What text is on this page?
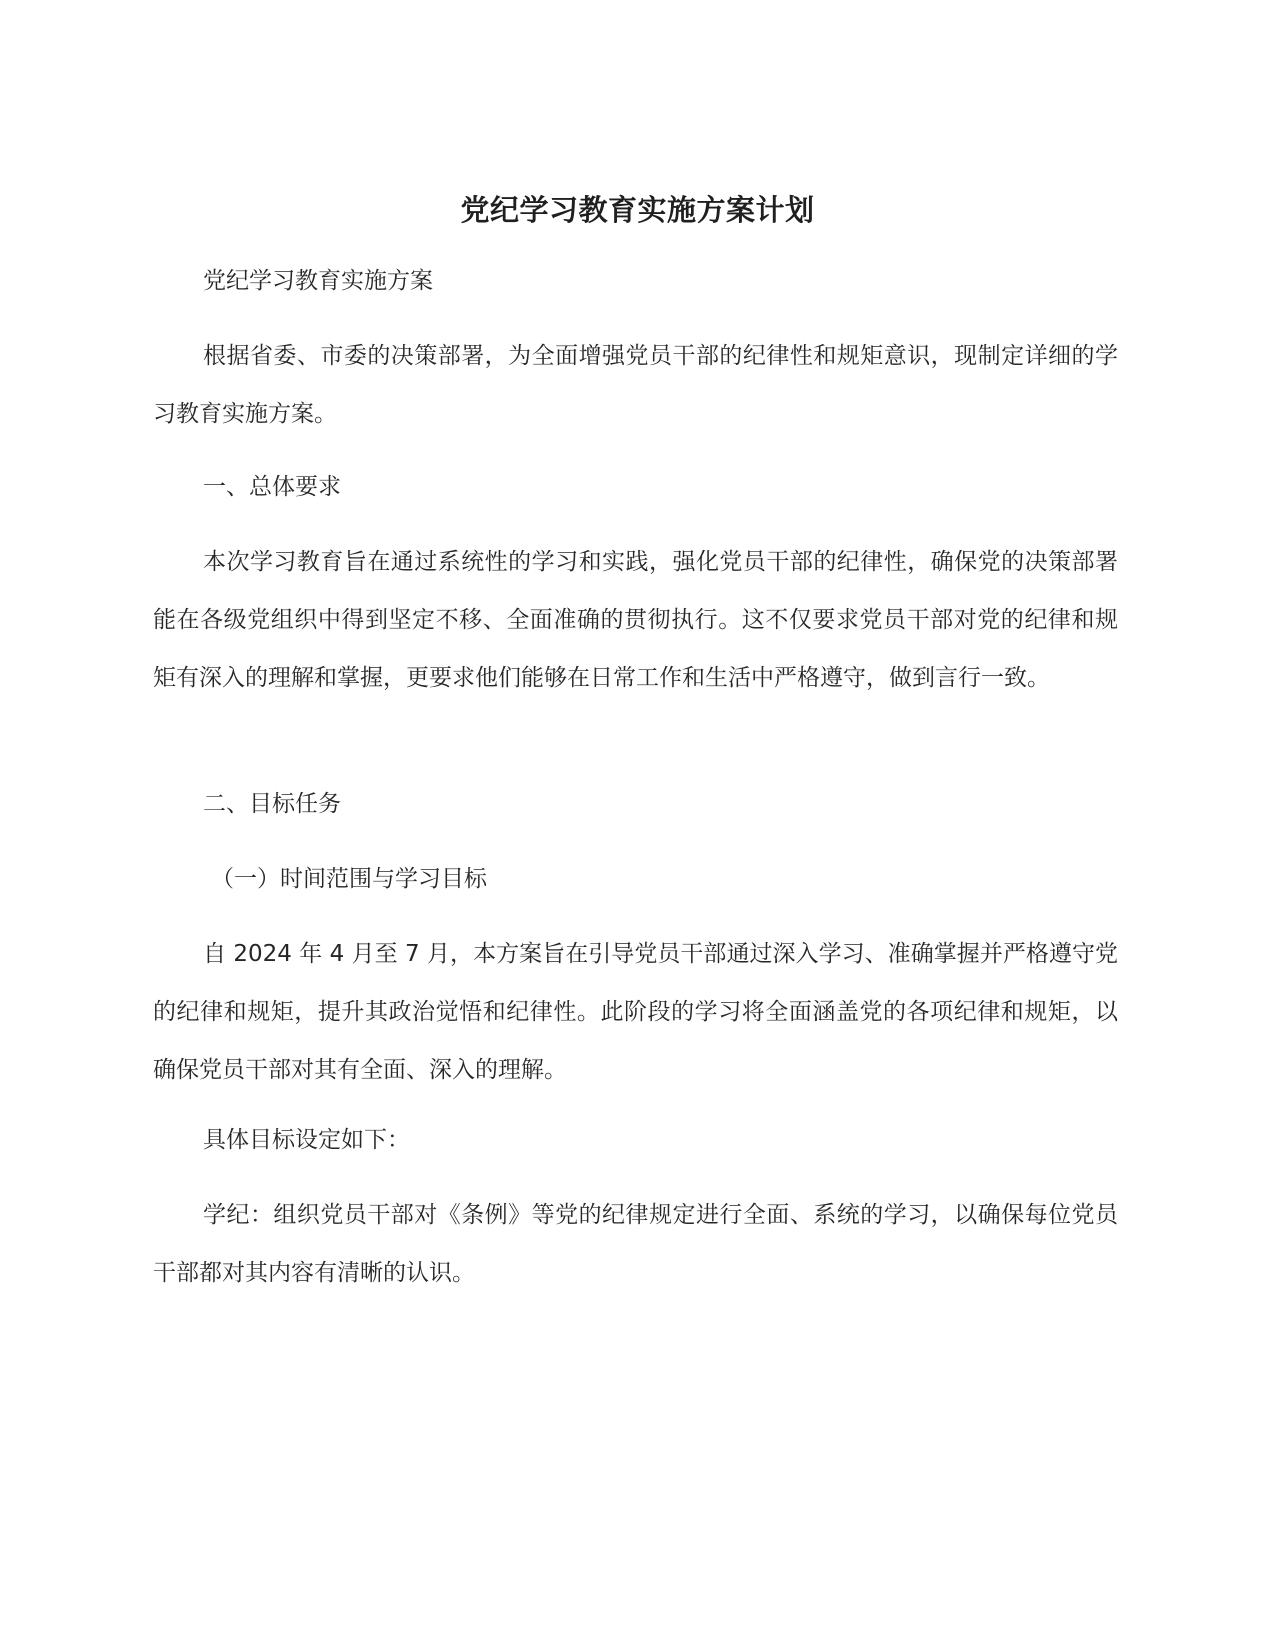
党纪学习教育实施方案计划

党纪学习教育实施方案

根据省委、市委的决策部署，为全面增强党员干部的纪律性和规矩意识，现制定详细的学习教育实施方案。

一、总体要求

本次学习教育旨在通过系统性的学习和实践，强化党员干部的纪律性，确保党的决策部署能在各级党组织中得到坚定不移、全面准确的贯彻执行。这不仅要求党员干部对党的纪律和规矩有深入的理解和掌握，更要求他们能够在日常工作和生活中严格遵守，做到言行一致。

二、目标任务

（一）时间范围与学习目标

自 2024 年 4 月至 7 月，本方案旨在引导党员干部通过深入学习、准确掌握并严格遵守党的纪律和规矩，提升其政治觉悟和纪律性。此阶段的学习将全面涵盖党的各项纪律和规矩，以确保党员干部对其有全面、深入的理解。

具体目标设定如下：

学纪：组织党员干部对《条例》等党的纪律规定进行全面、系统的学习，以确保每位党员干部都对其内容有清晰的认识。
